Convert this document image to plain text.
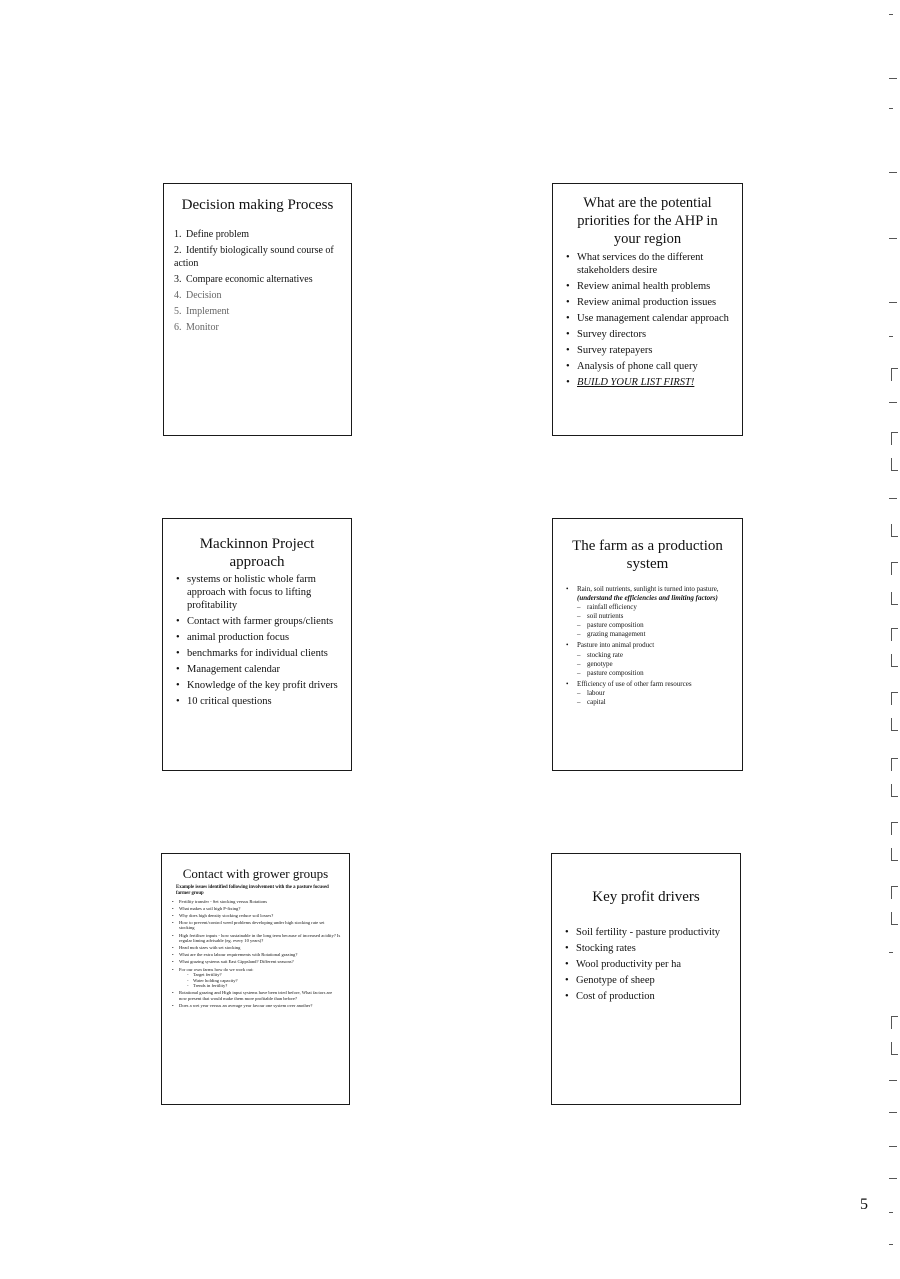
Decision making Process
1. Define problem
2. Identify biologically sound course of action
3. Compare economic alternatives
4. Decision
5. Implement
6. Monitor
What are the potential priorities for the AHP in your region
• What services do the different stakeholders desire
• Review animal health problems
• Review animal production issues
• Use management calendar approach
• Survey directors
• Survey ratepayers
• Analysis of phone call query
• BUILD YOUR LIST FIRST!
Mackinnon Project approach
• systems or holistic whole farm approach with focus to lifting profitability
• Contact with farmer groups/clients
• animal production focus
• benchmarks for individual clients
• Management calendar
• Knowledge of the key profit drivers
• 10 critical questions
The farm as a production system
• Rain, soil nutrients, sunlight is turned into pasture, (understand the efficiencies and limiting factors)
– rainfall efficiency
– soil nutrients
– pasture composition
– grazing management
• Pasture into animal product
– stocking rate
– genotype
– pasture composition
• Efficiency of use of other farm resources
– labour
– capital
Contact with grower groups
Example issues identified following involvement with the a pasture focused farmer group
• Fertility transfer - Set stocking versus Rotations
• What makes a soil high P-fixing?
• Why does high density stocking reduce soil losses?
• How to prevent/control weed problems developing under high stocking rate set stocking
• High fertiliser inputs - how sustainable in the long term because of increased acidity? Is regular liming advisable (eg. every 10 years)?
• Head mob sizes with set stocking
• What are the extra labour requirements with Rotational grazing?
• What grazing systems suit East Gippsland? Different seasons?
• For our own farms how do we work out:
- Target fertility?
- Water holding capacity?
- Trends in fertility?
• Rotational grazing and High input systems have been tried before, What factors are now present that would make them more profitable than before?
• Does a wet year versus an average year favour one system over another?
Key profit drivers
• Soil fertility - pasture productivity
• Stocking rates
• Wool productivity per ha
• Genotype of sheep
• Cost of production
5
